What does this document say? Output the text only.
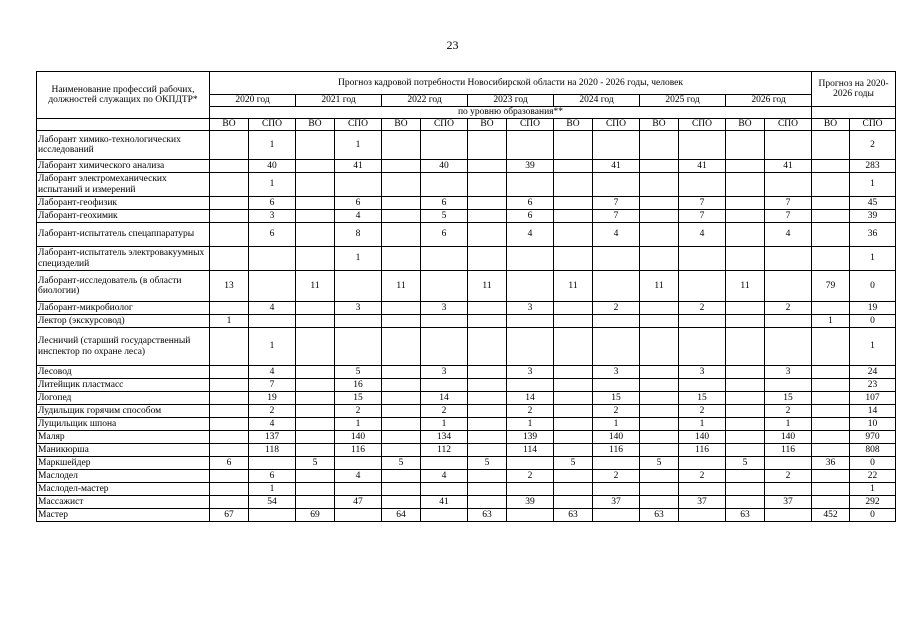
23
Наименование профессий рабочих, должностей служащих по ОКПДТР*	Прогноз кадровой потребности Новосибирской области на 2020 - 2026 годы, человек														Прогноз на 2020-2026 годы	
	2020 год		2021 год		2022 год		2023 год		2024 год		2025 год		2026 год			
	по уровню образования**															
	ВО	СПО	ВО	СПО	ВО	СПО	ВО	СПО	ВО	СПО	ВО	СПО	ВО	СПО	ВО	СПО
Лаборант химико-технологических исследований		1		1												2
Лаборант химического анализа		40		41		40		39		41		41		41		283
Лаборант электромеханических испытаний и измерений		1														1
Лаборант-геофизик		6		6		6		6		7		7		7		45
Лаборант-геохимик		3		4		5		6		7		7		7		39
Лаборант-испытатель спецаппаратуры		6		8		6		4		4		4		4		36
Лаборант-испытатель электровакуумных специзделий				1												1
Лаборант-исследователь (в области биологии)	13		11		11		11		11		11		11		79	0
Лаборант-микробиолог		4		3		3		3		2		2		2		19
Лектор (экскурсовод)	1														1	0
Лесничий (старший государственный инспектор по охране леса)		1														1
Лесовод		4		5		3		3		3		3		3		24
Литейщик пластмасс		7		16												23
Логопед		19		15		14		14		15		15		15		107
Лудильщик горячим способом		2		2		2		2		2		2		2		14
Лущильщик шпона		4		1		1		1		1		1		1		10
Маляр		137		140		134		139		140		140		140		970
Маникюрша		118		116		112		114		116		116		116		808
Маркшейдер	6		5		5		5		5		5		5		36	0
Маслодел		6		4		4		2		2		2		2		22
Маслодел-мастер		1														1
Массажист		54		47		41		39		37		37		37		292
Мастер	67		69		64		63		63		63		63		452	0
